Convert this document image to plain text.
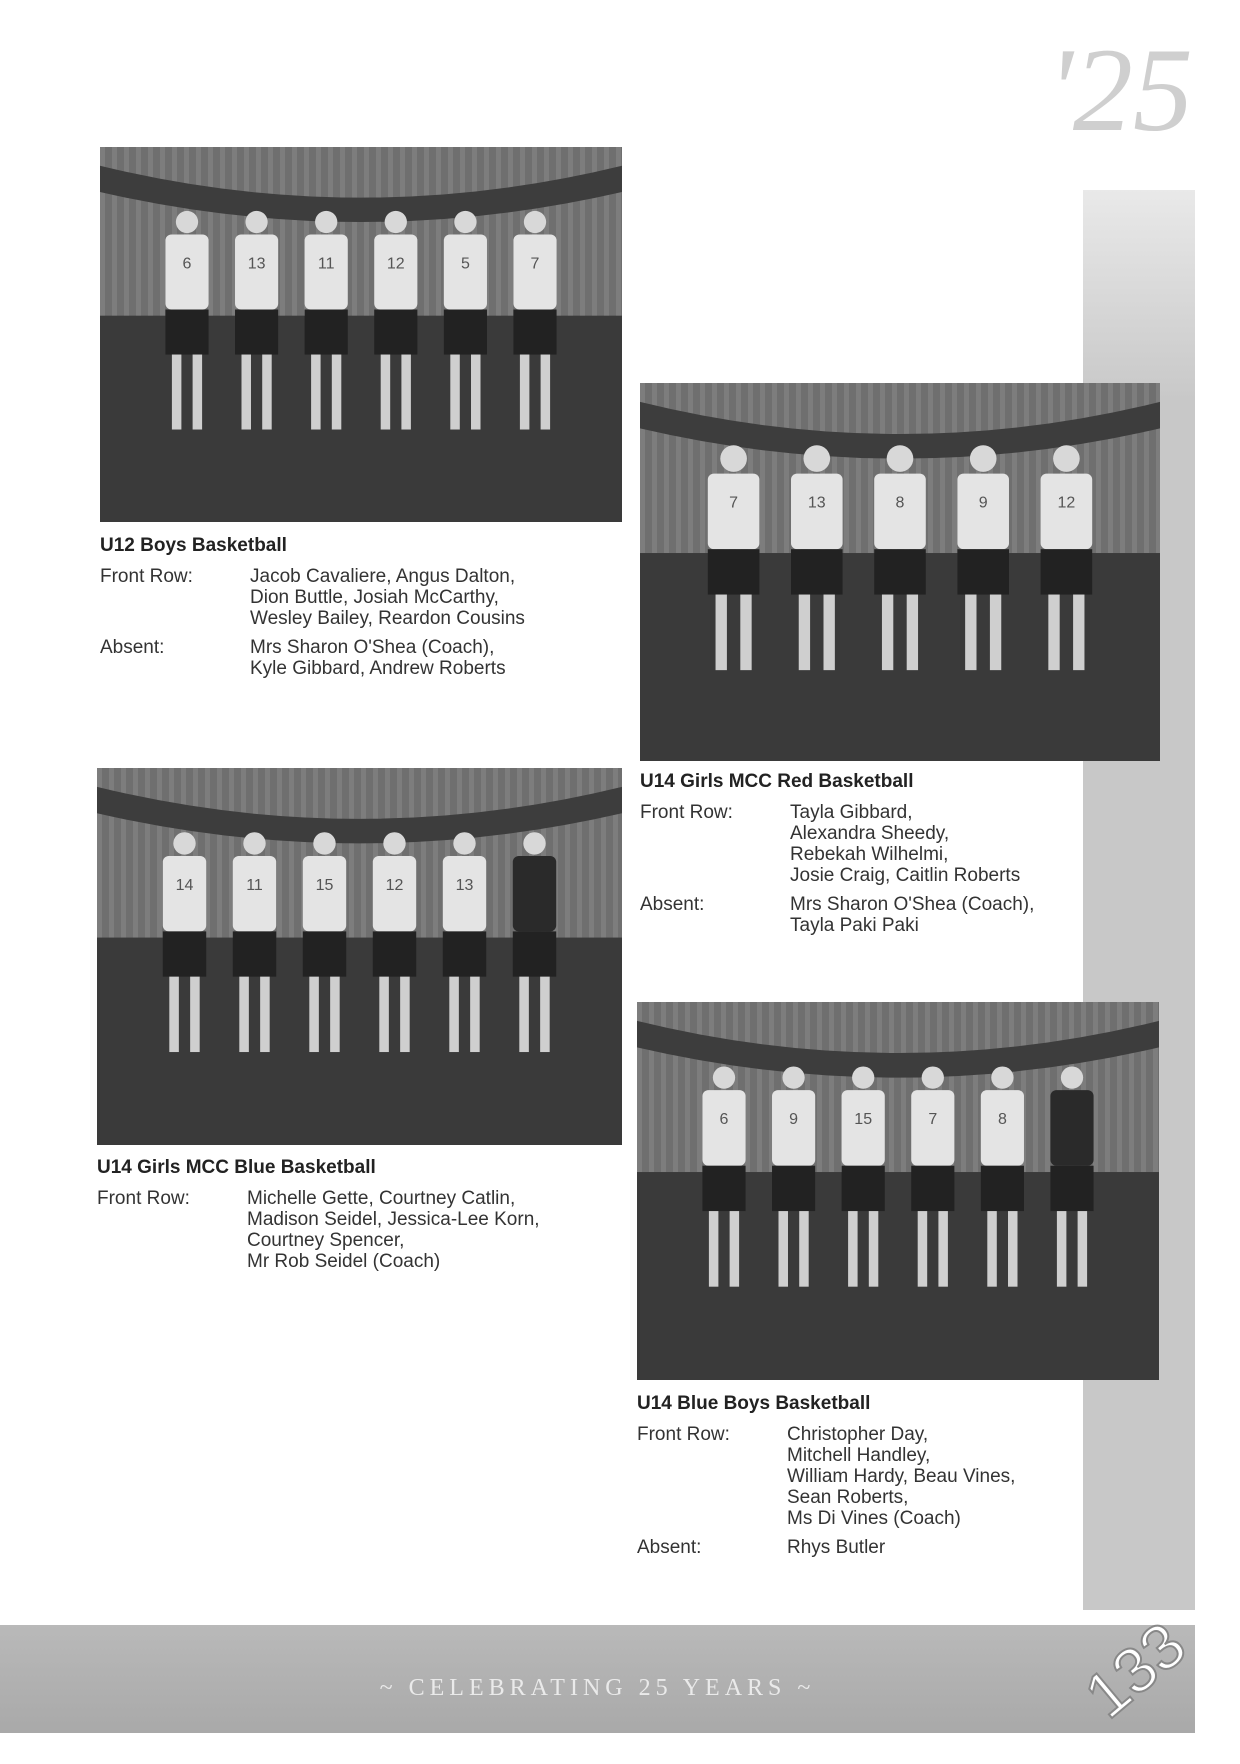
'25
6	13	11	12	5	7
U12 Boys Basketball
Front Row:	Jacob Cavaliere, Angus Dalton,
Dion Buttle, Josiah McCarthy,
Wesley Bailey, Reardon Cousins
Absent:	Mrs Sharon O'Shea (Coach),
Kyle Gibbard, Andrew Roberts
7	13	8	9	12
U14 Girls MCC Red Basketball
Front Row:	Tayla Gibbard,
Alexandra Sheedy,
Rebekah Wilhelmi,
Josie Craig, Caitlin Roberts
Absent:	Mrs Sharon O'Shea (Coach),
Tayla Paki Paki
14	11	15	12	13
U14 Girls MCC Blue Basketball
Front Row:	Michelle Gette, Courtney Catlin,
Madison Seidel, Jessica-Lee Korn,
Courtney Spencer,
Mr Rob Seidel (Coach)
6	9	15	7	8
U14 Blue Boys Basketball
Front Row:	Christopher Day,
Mitchell Handley,
William Hardy, Beau Vines,
Sean Roberts,
Ms Di Vines (Coach)
Absent:	Rhys Butler
~ CELEBRATING 25 YEARS ~	133
